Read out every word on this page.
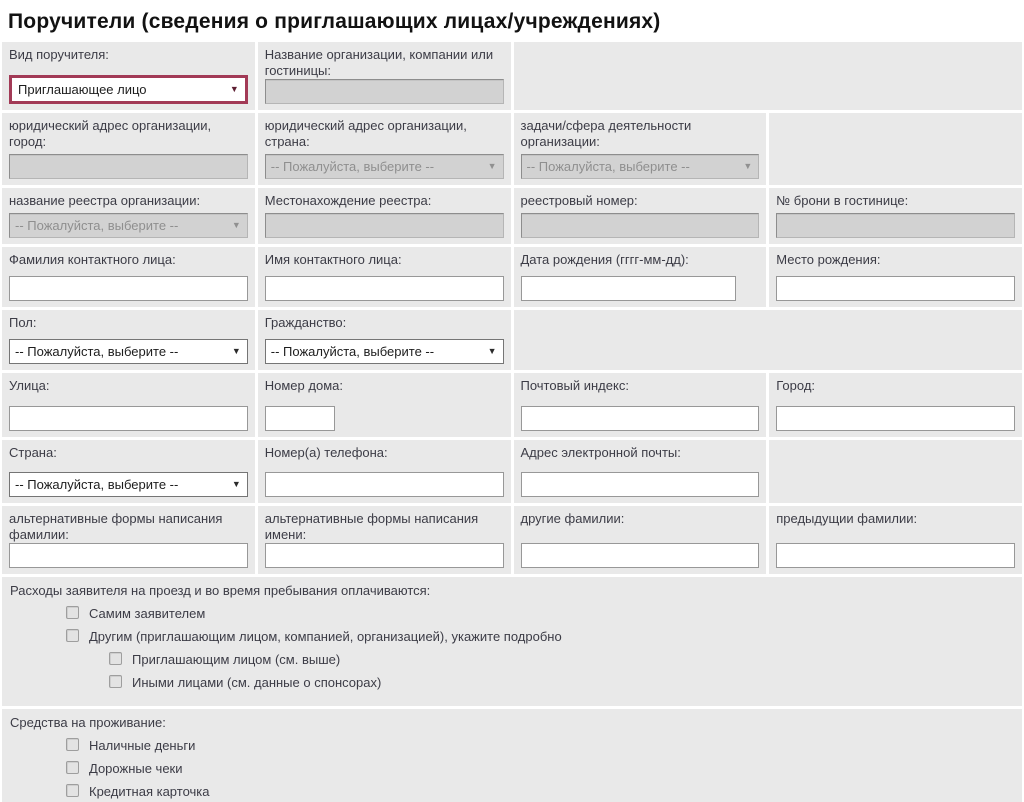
Поручители (сведения о приглашающих лицах/учреждениях)
Вид поручителя:
Приглашающее лицо	▼
Название организации, компании или гостиницы:
юридический адрес организации, город:
юридический адрес организации, страна:
-- Пожалуйста, выберите --	▼
задачи/сфера деятельности организации:
-- Пожалуйста, выберите --	▼
название реестра организации:
-- Пожалуйста, выберите --	▼
Местонахождение реестра:	реестровый номер:	№ брони в гостинице:
Фамилия контактного лица:	Имя контактного лица:	Дата рождения (гггг-мм-дд):	Место рождения:
Пол:
-- Пожалуйста, выберите --	▼
Гражданство:
-- Пожалуйста, выберите --	▼
Улица:	Номер дома:	Почтовый индекс:	Город:
Страна:
-- Пожалуйста, выберите --	▼
Номер(а) телефона:	Адрес электронной почты:
альтернативные формы написания фамилии:
альтернативные формы написания имени:
другие фамилии:	предыдущии фамилии:
Расходы заявителя на проезд и во время пребывания оплачиваются:
Самим заявителем
Другим (приглашающим лицом, компанией, организацией), укажите подробно
Приглашающим лицом (см. выше)
Иными лицами (см. данные о спонсорах)
Средства на проживание:
Наличные деньги
Дорожные чеки
Кредитная карточка
